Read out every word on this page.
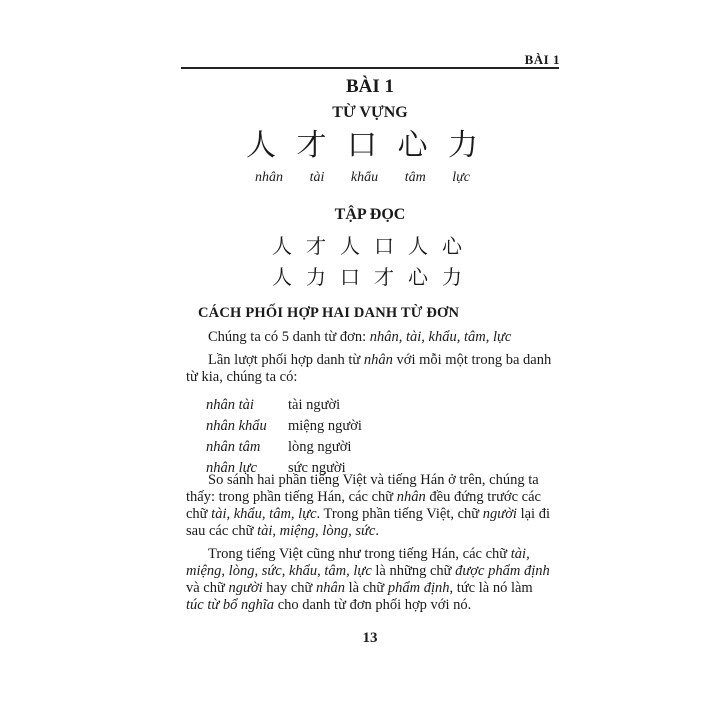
BÀI 1
BÀI 1
TỪ VỰNG
人 才 口 心 力
nhân tài khẩu tâm lực
TẬP ĐỌC
人 才 人 口 人 心
人 力 口 才 心 力
CÁCH PHỐI HỢP HAI DANH TỪ ĐƠN
Chúng ta có 5 danh từ đơn: nhân, tài, khẩu, tâm, lực
Lần lượt phối hợp danh từ nhân với mỗi một trong ba danh từ kia, chúng ta có:
nhân tài	tài người
nhân khẩu	miệng người
nhân tâm	lòng người
nhân lực	sức người
So sánh hai phần tiếng Việt và tiếng Hán ở trên, chúng ta thấy: trong phần tiếng Hán, các chữ nhân đều đứng trước các chữ tài, khẩu, tâm, lực. Trong phần tiếng Việt, chữ người lại đi sau các chữ tài, miệng, lòng, sức.
Trong tiếng Việt cũng như trong tiếng Hán, các chữ tài, miệng, lòng, sức, khẩu, tâm, lực là những chữ được phẩm định và chữ người hay chữ nhân là chữ phẩm định, tức là nó làm túc từ bổ nghĩa cho danh từ đơn phối hợp với nó.
13
